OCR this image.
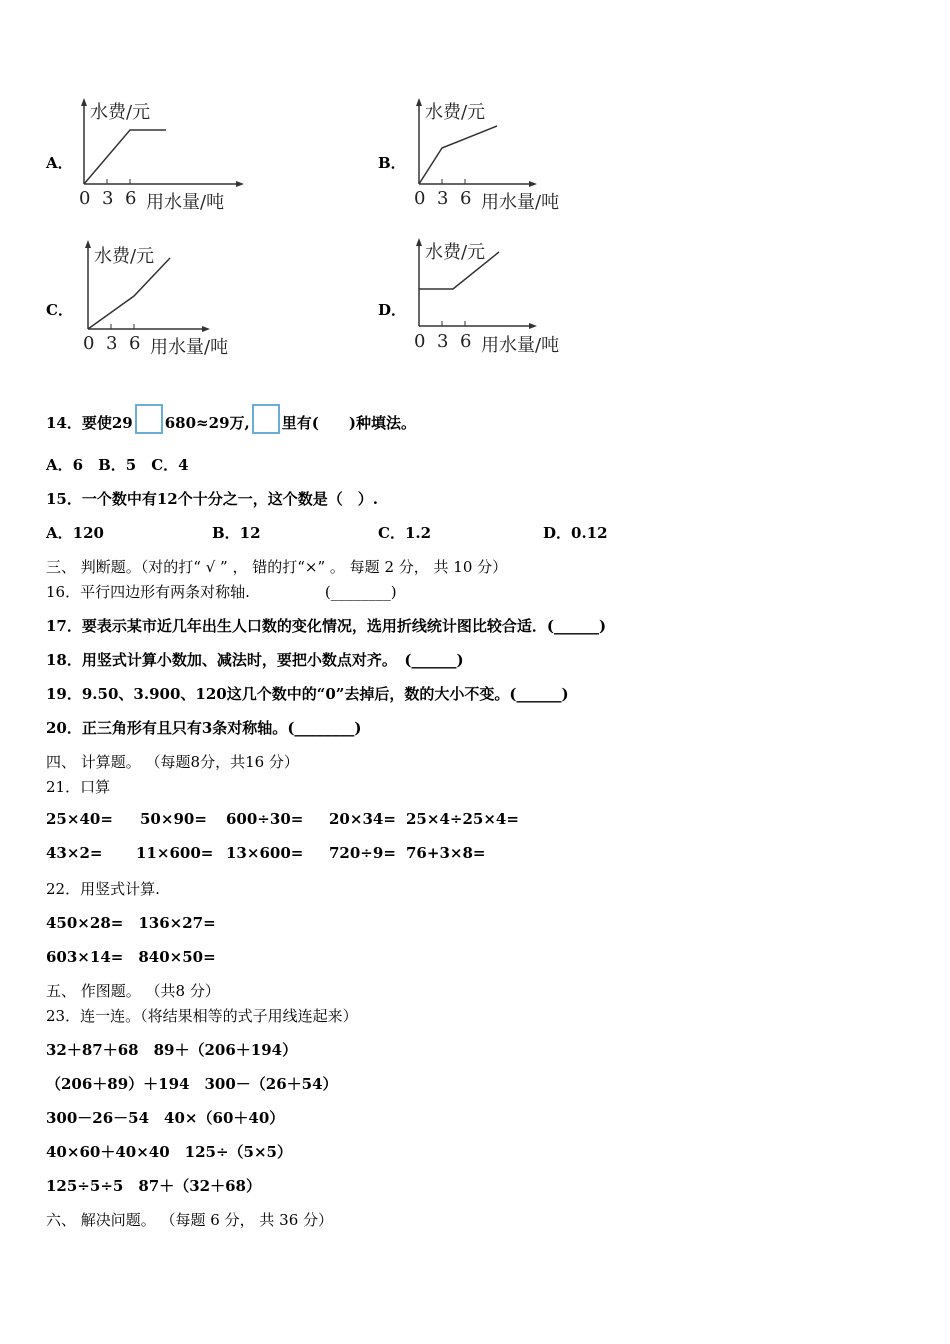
A．	B．
C．	D．
水费/元
0 3 6 用水量/吨
水费/元
0 3 6 用水量/吨
水费/元
0 3 6 用水量/吨
水费/元
0 3 6 用水量/吨
14．要使29 680≈29万, 里有( )种填法。
A．6　B．5　C．4
15．一个数中有12个十分之一，这个数是（　）.
A．120	B．12	C．1.2	D．0.12
三、 判断题。（对的打“ √ ” ， 错的打“×” 。 每题 2 分， 共 10 分）
16．平行四边形有两条对称轴.　　　　　(________)
17．要表示某市近几年出生人口数的变化情况，选用折线统计图比较合适．(______)
18．用竖式计算小数加、减法时，要把小数点对齐。　(______)
19．9.50、3.900、120这几个数中的“0”去掉后，数的大小不变。(______)
20．正三角形有且只有3条对称轴。(________)
四、 计算题。 （每题8分，共16 分）
21．口算
25×40= 50×90= 600÷30= 20×34= 25×4÷25×4=
43×2= 11×600= 13×600= 720÷9= 76+3×8=
22．用竖式计算.
450×28=　136×27=
603×14=　840×50=
五、 作图题。 （共8 分）
23．连一连。（将结果相等的式子用线连起来）
32＋87＋68　89＋（206＋194）
（206＋89）＋194　300－（26＋54）
300－26－54　40×（60＋40）
40×60＋40×40　125÷（5×5）
125÷5÷5　87＋（32＋68）
六、 解决问题。 （每题 6 分， 共 36 分）
